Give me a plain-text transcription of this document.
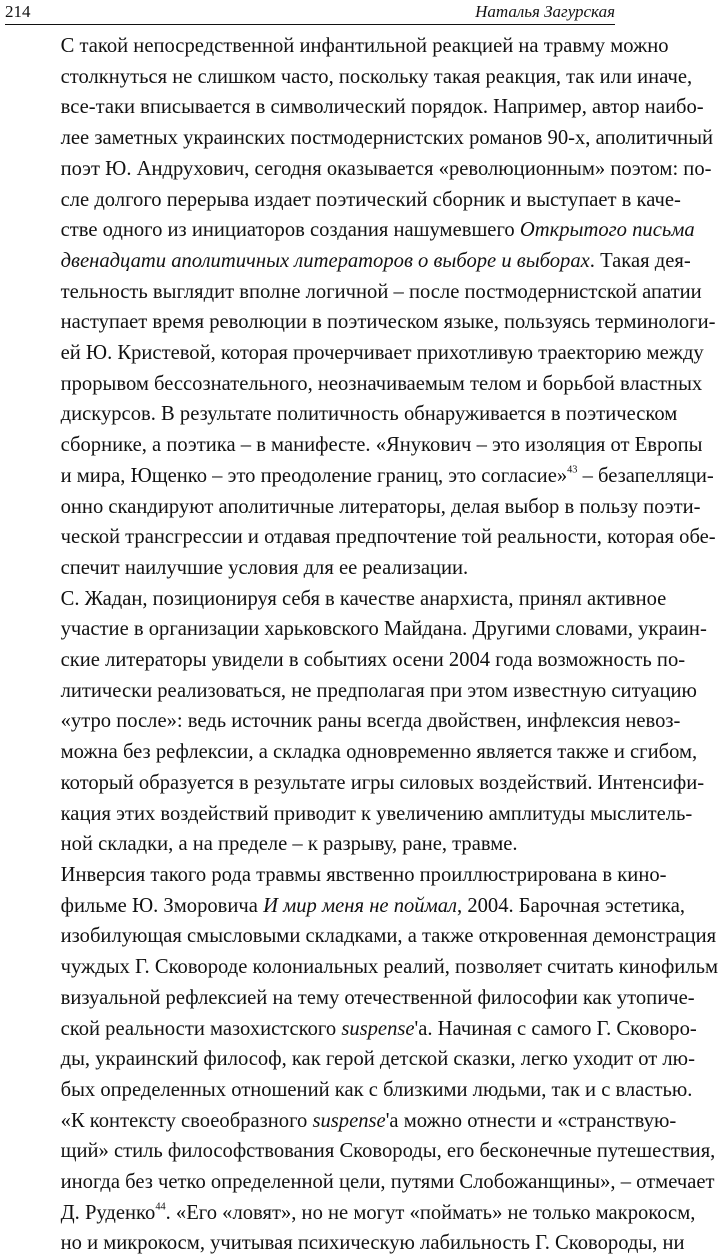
214	Наталья Загурская

С такой непосредственной инфантильной реакцией на травму можно
столкнуться не слишком часто, поскольку такая реакция, так или иначе,
все-таки вписывается в символический порядок. Например, автор наибо-
лее заметных украинских постмодернистских романов 90-х, аполитичный
поэт Ю. Андрухович, сегодня оказывается «революционным» поэтом: по-
сле долгого перерыва издает поэтический сборник и выступает в каче-
стве одного из инициаторов создания нашумевшего Открытого письма
двенадцати аполитичных литераторов о выборе и выборах. Такая дея-
тельность выглядит вполне логичной – после постмодернистской апатии
наступает время революции в поэтическом языке, пользуясь терминологи-
ей Ю. Кристевой, которая прочерчивает прихотливую траекторию между
прорывом бессознательного, неозначиваемым телом и борьбой властных
дискурсов. В результате политичность обнаруживается в поэтическом
сборнике, а поэтика – в манифесте. «Янукович – это изоляция от Европы
и мира, Ющенко – это преодоление границ, это согласие»$^{43}$ – безапелляци-
онно скандируют аполитичные литераторы, делая выбор в пользу поэти-
ческой трансгрессии и отдавая предпочтение той реальности, которая обе-
спечит наилучшие условия для ее реализации.

С. Жадан, позиционируя себя в качестве анархиста, принял активное
участие в организации харьковского Майдана. Другими словами, украин-
ские литераторы увидели в событиях осени 2004 года возможность по-
литически реализоваться, не предполагая при этом известную ситуацию
«утро после»: ведь источник раны всегда двойствен, инфлексия невоз-
можна без рефлексии, а складка одновременно является также и сгибом,
который образуется в результате игры силовых воздействий. Интенсифи-
кация этих воздействий приводит к увеличению амплитуды мыслитель-
ной складки, а на пределе – к разрыву, ране, травме.

Инверсия такого рода травмы явственно проиллюстрирована в кино-
фильме Ю. Зморовича И мир меня не поймал, 2004. Барочная эстетика,
изобилующая смысловыми складками, а также откровенная демонстрация
чуждых Г. Сковороде колониальных реалий, позволяет считать кинофильм
визуальной рефлексией на тему отечественной философии как утопиче-
ской реальности мазохистского suspense'а. Начиная с самого Г. Сковоро-
ды, украинский философ, как герой детской сказки, легко уходит от лю-
бых определенных отношений как с близкими людьми, так и с властью.
«К контексту своеобразного suspense'а можно отнести и «странствую-
щий» стиль философствования Сковороды, его бесконечные путешествия,
иногда без четко определенной цели, путями Слобожанщины», – отмечает
Д. Руденко$^{44}$. «Его «ловят», но не могут «поймать» не только макрокосм,
но и микрокосм, учитывая психическую лабильность Г. Сковороды, ни
